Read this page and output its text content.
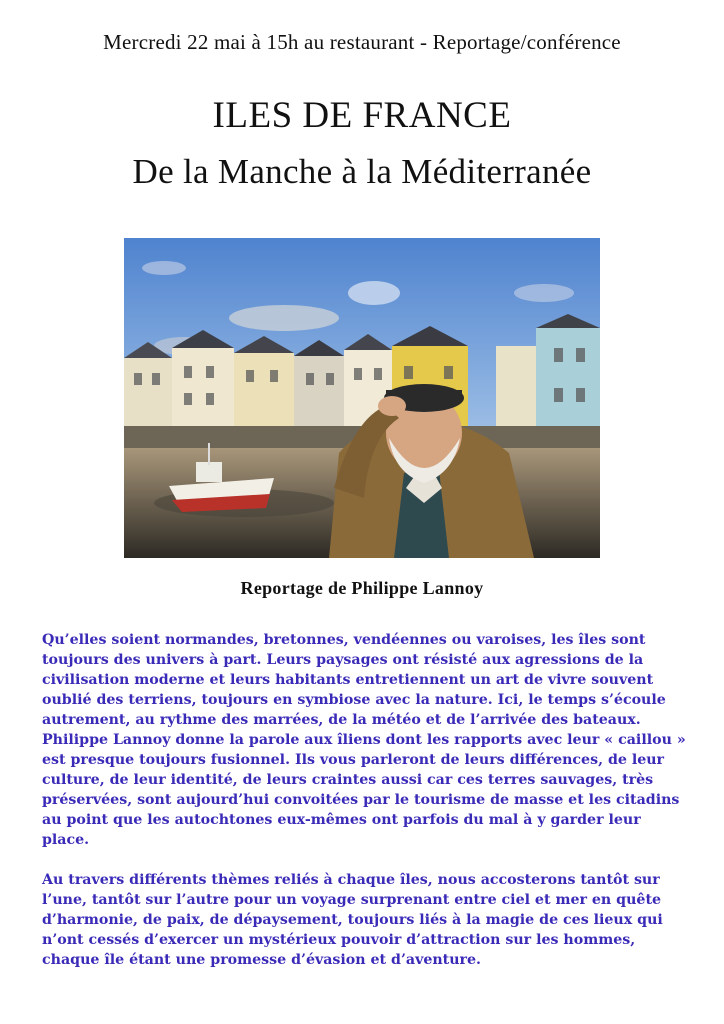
Mercredi 22 mai à 15h au restaurant - Reportage/conférence
ILES DE FRANCE
De la Manche à la Méditerranée
Reportage de Philippe Lannoy

Qu’elles soient normandes, bretonnes, vendéennes ou varoises, les îles sont toujours des univers à part. Leurs paysages ont résisté aux agressions de la civilisation moderne et leurs habitants entretiennent un art de vivre souvent oublié des terriens, toujours en symbiose avec la nature. Ici, le temps s’écoule autrement, au rythme des marrées, de la météo et de l’arrivée des bateaux.

Philippe Lannoy donne la parole aux îliens dont les rapports avec leur « caillou » est presque toujours fusionnel. Ils vous parleront de leurs différences, de leur culture, de leur identité, de leurs craintes aussi car ces terres sauvages, très préservées, sont aujourd’hui convoitées par le tourisme de masse et les citadins au point que les autochtones eux-mêmes ont parfois du mal à y garder leur place.

Au travers différents thèmes reliés à chaque îles, nous accosterons tantôt sur l’une, tantôt sur l’autre pour un voyage surprenant entre ciel et mer en quête d’harmonie, de paix, de dépaysement, toujours liés à la magie de ces lieux qui n’ont cessés d’exercer un mystérieux pouvoir d’attraction sur les hommes, chaque île étant une promesse d’évasion et d’aventure.
